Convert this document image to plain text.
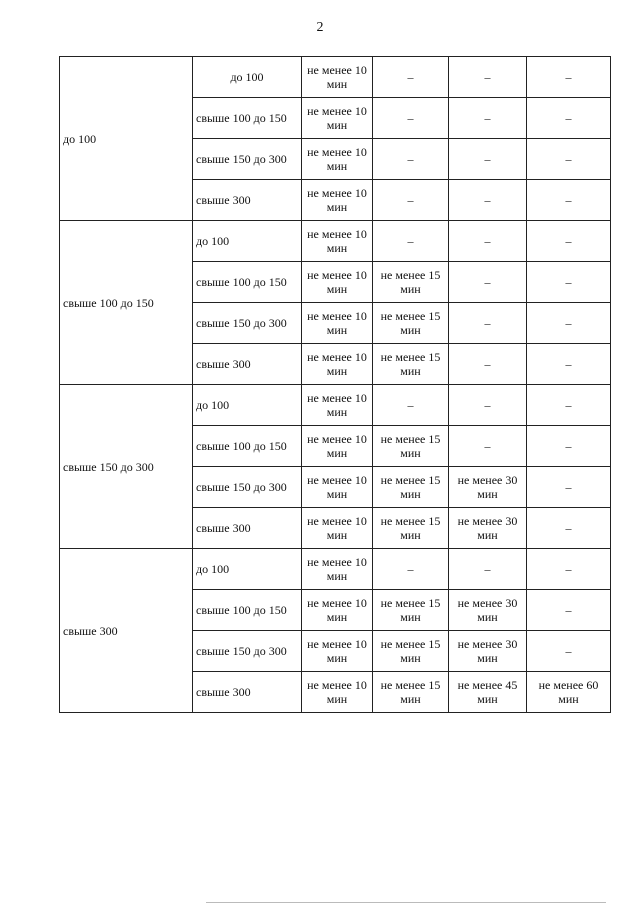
2
до 100	до 100	не менее 10 мин	–	–	–
	свыше 100 до 150	не менее 10 мин	–	–	–
	свыше 150 до 300	не менее 10 мин	–	–	–
	свыше 300	не менее 10 мин	–	–	–
свыше 100 до 150	до 100	не менее 10 мин	–	–	–
	свыше 100 до 150	не менее 10 мин	не менее 15 мин	–	–
	свыше 150 до 300	не менее 10 мин	не менее 15 мин	–	–
	свыше 300	не менее 10 мин	не менее 15 мин	–	–
свыше 150 до 300	до 100	не менее 10 мин	–	–	–
	свыше 100 до 150	не менее 10 мин	не менее 15 мин	–	–
	свыше 150 до 300	не менее 10 мин	не менее 15 мин	не менее 30 мин	–
	свыше 300	не менее 10 мин	не менее 15 мин	не менее 30 мин	–
свыше 300	до 100	не менее 10 мин	–	–	–
	свыше 100 до 150	не менее 10 мин	не менее 15 мин	не менее 30 мин	–
	свыше 150 до 300	не менее 10 мин	не менее 15 мин	не менее 30 мин	–
	свыше 300	не менее 10 мин	не менее 15 мин	не менее 45 мин	не менее 60 мин
